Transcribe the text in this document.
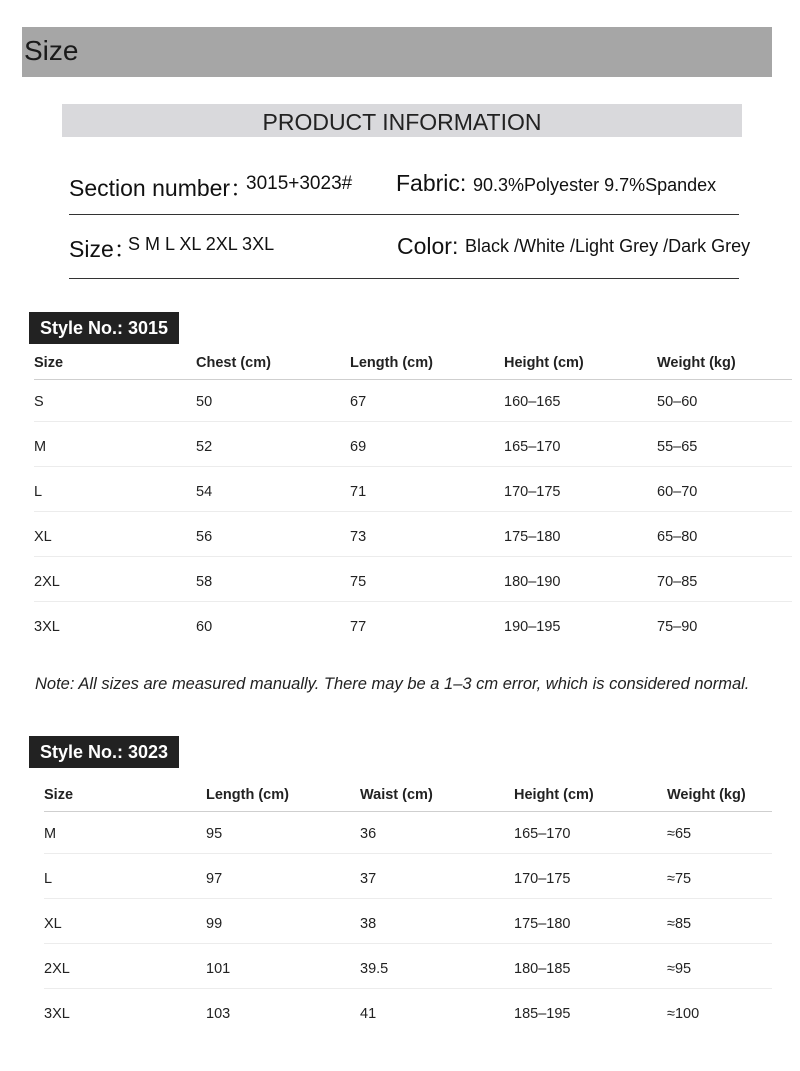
Size
PRODUCT INFORMATION
Section number：
3015+3023# Fabric: 90.3%Polyester 9.7%Spandex
Size：
S M L XL 2XL 3XL	Color: Black /White /Light Grey /Dark Grey
Style No.: 3015
Size	Chest (cm)	Length (cm)	Height (cm)	Weight (kg)
S	50	67	160–165	50–60
M	52	69	165–170	55–65
L	54	71	170–175	60–70
XL	56	73	175–180	65–80
2XL	58	75	180–190	70–85
3XL	60	77	190–195	75–90
Note: All sizes are measured manually. There may be a 1–3 cm error, which is considered normal.
Style No.: 3023
Size	Length (cm)	Waist (cm)	Height (cm)	Weight (kg)
M	95	36	165–170	≈65
L	97	37	170–175	≈75
XL	99	38	175–180	≈85
2XL	101	39.5	180–185	≈95
3XL	103	41	185–195	≈100
